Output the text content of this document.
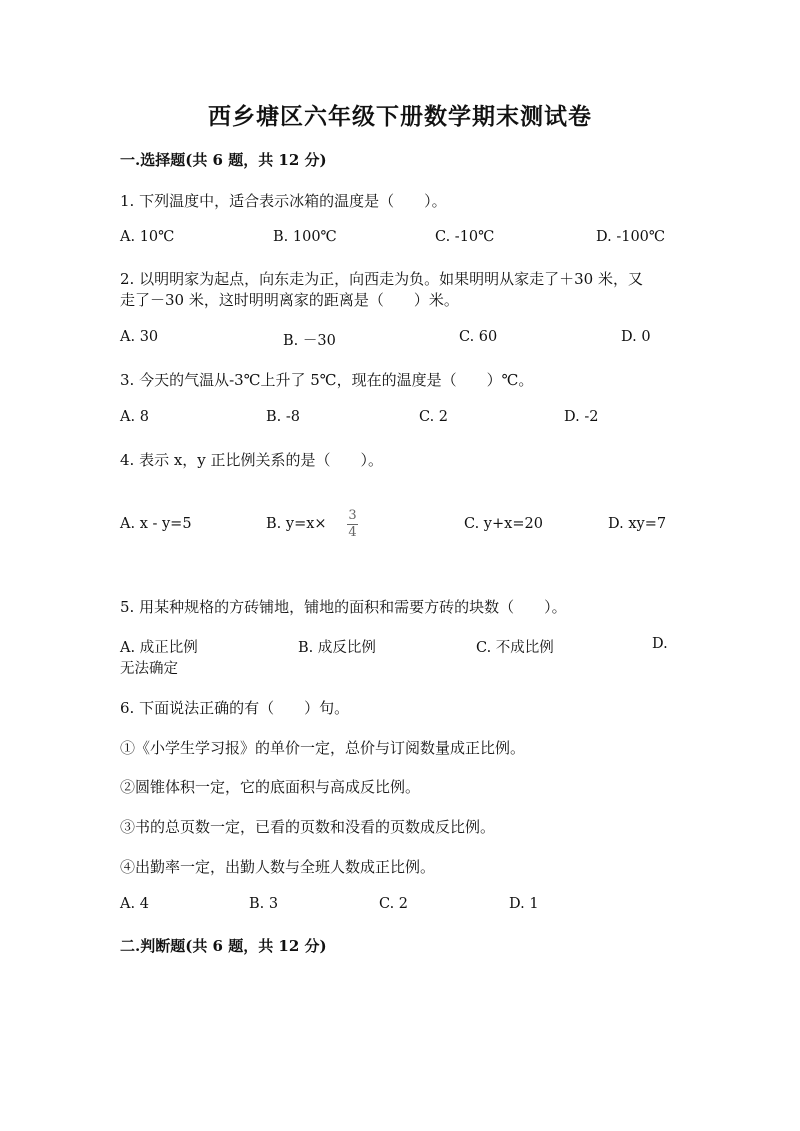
西乡塘区六年级下册数学期末测试卷
一.选择题(共 6 题，共 12 分)
1. 下列温度中，适合表示冰箱的温度是（　　）。
A. 10℃	B. 100℃	C. -10℃	D. -100℃
2. 以明明家为起点，向东走为正，向西走为负。如果明明从家走了＋30 米，又
走了－30 米，这时明明离家的距离是（　　）米。
A. 30	B. －30	C. 60	D. 0
3. 今天的气温从-3℃上升了 5℃，现在的温度是（　　）℃。
A. 8	B. -8	C. 2	D. -2
4. 表示 x，y 正比例关系的是（　　）。
A. x - y=5	B. y=x×
3
4
C. y+x=20	D. xy=7
5. 用某种规格的方砖铺地，铺地的面积和需要方砖的块数（　　）。
A. 成正比例	B. 成反比例	C. 不成比例	D.
无法确定
6. 下面说法正确的有（　　）句。
①《小学生学习报》的单价一定，总价与订阅数量成正比例。
②圆锥体积一定，它的底面积与高成反比例。
③书的总页数一定，已看的页数和没看的页数成反比例。
④出勤率一定，出勤人数与全班人数成正比例。
A. 4	B. 3	C. 2	D. 1
二.判断题(共 6 题，共 12 分)
